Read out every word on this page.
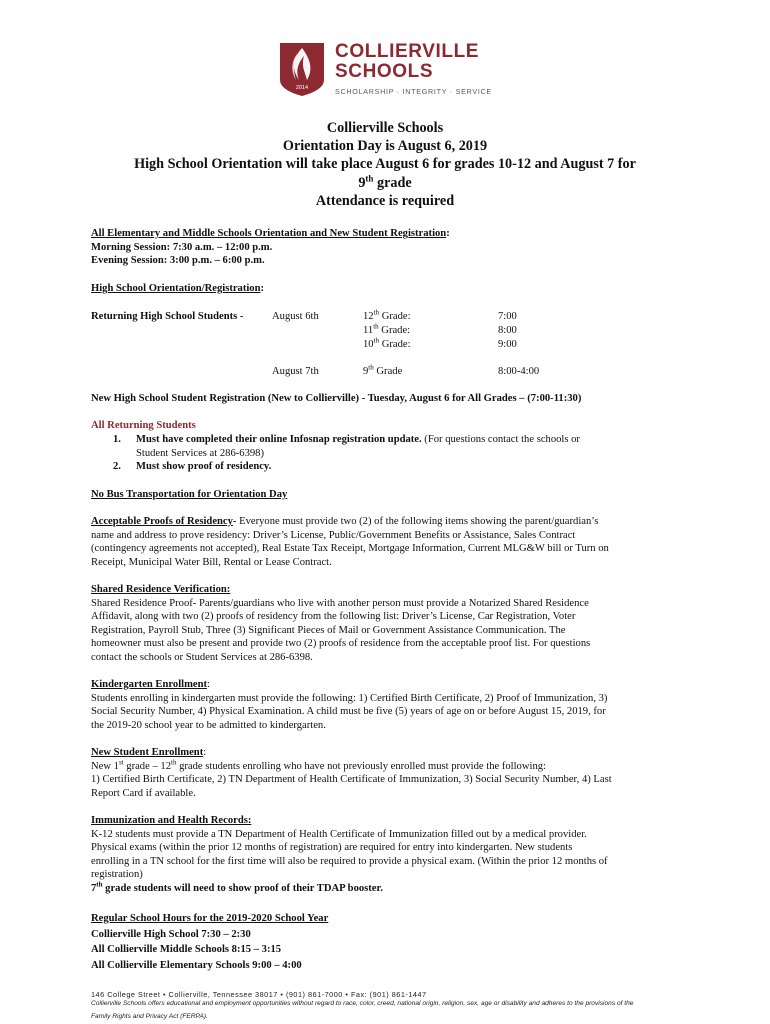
2014
COLLIERVILLE
SCHOOLS
SCHOLARSHIP · INTEGRITY · SERVICE
Collierville Schools
Orientation Day is August 6, 2019
High School Orientation will take place August 6 for grades 10-12 and August 7 for
9th grade
Attendance is required
All Elementary and Middle Schools Orientation and New Student Registration:
Morning Session: 7:30 a.m. – 12:00 p.m.
Evening Session: 3:00 p.m. – 6:00 p.m.
High School Orientation/Registration:
Returning High School Students -	August 6th	12th Grade:	7:00
11th Grade:	8:00
10th Grade:	9:00
August 7th	9th Grade	8:00-4:00
New High School Student Registration (New to Collierville) - Tuesday, August 6 for All Grades – (7:00-11:30)
All Returning Students
1. Must have completed their online Infosnap registration update. (For questions contact the schools or
Student Services at 286-6398)
2. Must show proof of residency.
No Bus Transportation for Orientation Day
Acceptable Proofs of Residency- Everyone must provide two (2) of the following items showing the parent/guardian’s
name and address to prove residency: Driver’s License, Public/Government Benefits or Assistance, Sales Contract
(contingency agreements not accepted), Real Estate Tax Receipt, Mortgage Information, Current MLG&W bill or Turn on
Receipt, Municipal Water Bill, Rental or Lease Contract.
Shared Residence Verification:
Shared Residence Proof- Parents/guardians who live with another person must provide a Notarized Shared Residence
Affidavit, along with two (2) proofs of residency from the following list: Driver’s License, Car Registration, Voter
Registration, Payroll Stub, Three (3) Significant Pieces of Mail or Government Assistance Communication. The
homeowner must also be present and provide two (2) proofs of residence from the acceptable proof list. For questions
contact the schools or Student Services at 286-6398.
Kindergarten Enrollment:
Students enrolling in kindergarten must provide the following: 1) Certified Birth Certificate, 2) Proof of Immunization, 3)
Social Security Number, 4) Physical Examination. A child must be five (5) years of age on or before August 15, 2019, for
the 2019-20 school year to be admitted to kindergarten.
New Student Enrollment:
New 1st grade – 12th grade students enrolling who have not previously enrolled must provide the following:
1) Certified Birth Certificate, 2) TN Department of Health Certificate of Immunization, 3) Social Security Number, 4) Last
Report Card if available.
Immunization and Health Records:
K-12 students must provide a TN Department of Health Certificate of Immunization filled out by a medical provider.
Physical exams (within the prior 12 months of registration) are required for entry into kindergarten. New students
enrolling in a TN school for the first time will also be required to provide a physical exam. (Within the prior 12 months of
registration)
7th grade students will need to show proof of their TDAP booster.
Regular School Hours for the 2019-2020 School Year
Collierville High School 7:30 – 2:30
All Collierville Middle Schools 8:15 – 3:15
All Collierville Elementary Schools 9:00 – 4:00
146 College Street • Collierville, Tennessee 38017 • (901) 861-7000 • Fax: (901) 861-1447
Collierville Schools offers educational and employment opportunities without regard to race, color, creed, national origin, religion, sex, age or disability and adheres to the provisions of the
Family Rights and Privacy Act (FERPA).
